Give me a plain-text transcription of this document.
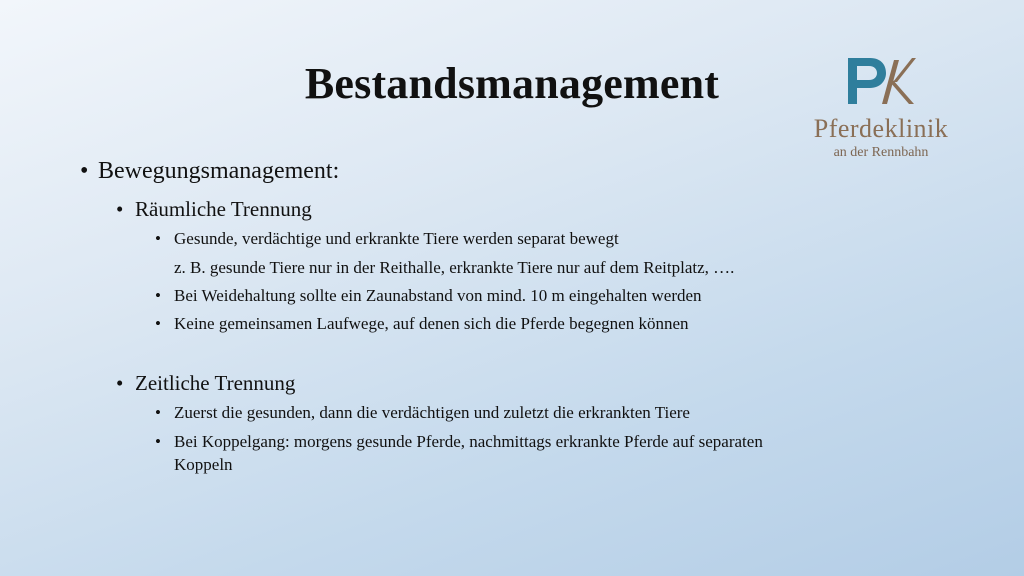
Bestandsmanagement
Pferdeklinik
an der Rennbahn
• Bewegungsmanagement:
• Räumliche Trennung
• Gesunde, verdächtige und erkrankte Tiere werden separat bewegt
z. B. gesunde Tiere nur in der Reithalle, erkrankte Tiere nur auf dem Reitplatz, ….
• Bei Weidehaltung sollte ein Zaunabstand von mind. 10 m eingehalten werden
• Keine gemeinsamen Laufwege, auf denen sich die Pferde begegnen können
• Zeitliche Trennung
• Zuerst die gesunden, dann die verdächtigen und zuletzt die erkrankten Tiere
• Bei Koppelgang: morgens gesunde Pferde, nachmittags erkrankte Pferde auf separaten
Koppeln
